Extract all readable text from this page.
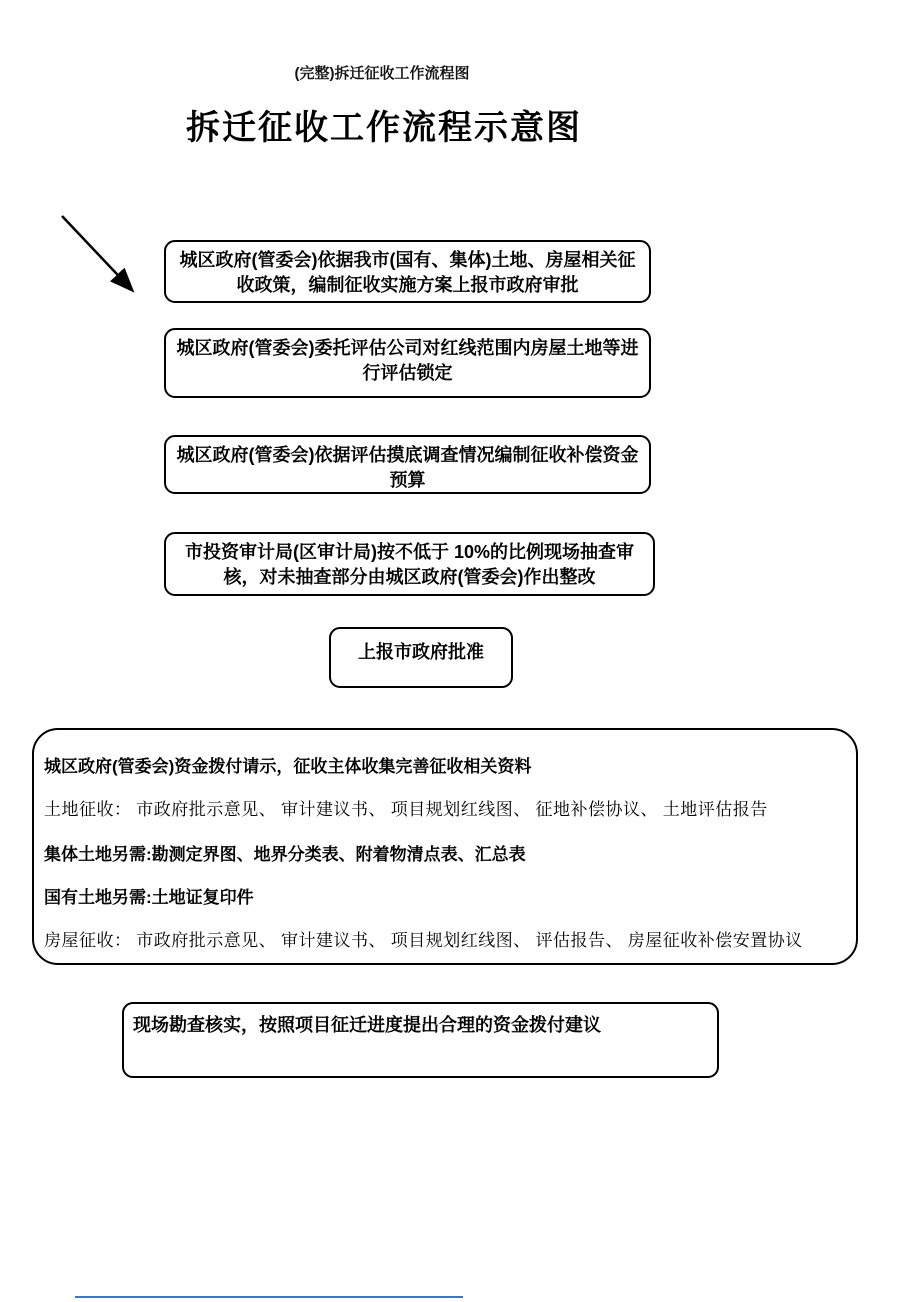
(完整)拆迁征收工作流程图
拆迁征收工作流程示意图
城区政府(管委会)依据我市(国有、集体)土地、房屋相关征收政策，编制征收实施方案上报市政府审批
城区政府(管委会)委托评估公司对红线范围内房屋土地等进行评估锁定
城区政府(管委会)依据评估摸底调查情况编制征收补偿资金预算
市投资审计局(区审计局)按不低于 10%的比例现场抽查审核，对未抽查部分由城区政府(管委会)作出整改
上报市政府批准
城区政府(管委会)资金拨付请示，征收主体收集完善征收相关资料
土地征收： 市政府批示意见、 审计建议书、 项目规划红线图、 征地补偿协议、 土地评估报告
集体土地另需:勘测定界图、地界分类表、附着物清点表、汇总表
国有土地另需:土地证复印件
房屋征收： 市政府批示意见、 审计建议书、 项目规划红线图、 评估报告、 房屋征收补偿安置协议
现场勘查核实，按照项目征迁进度提出合理的资金拨付建议
